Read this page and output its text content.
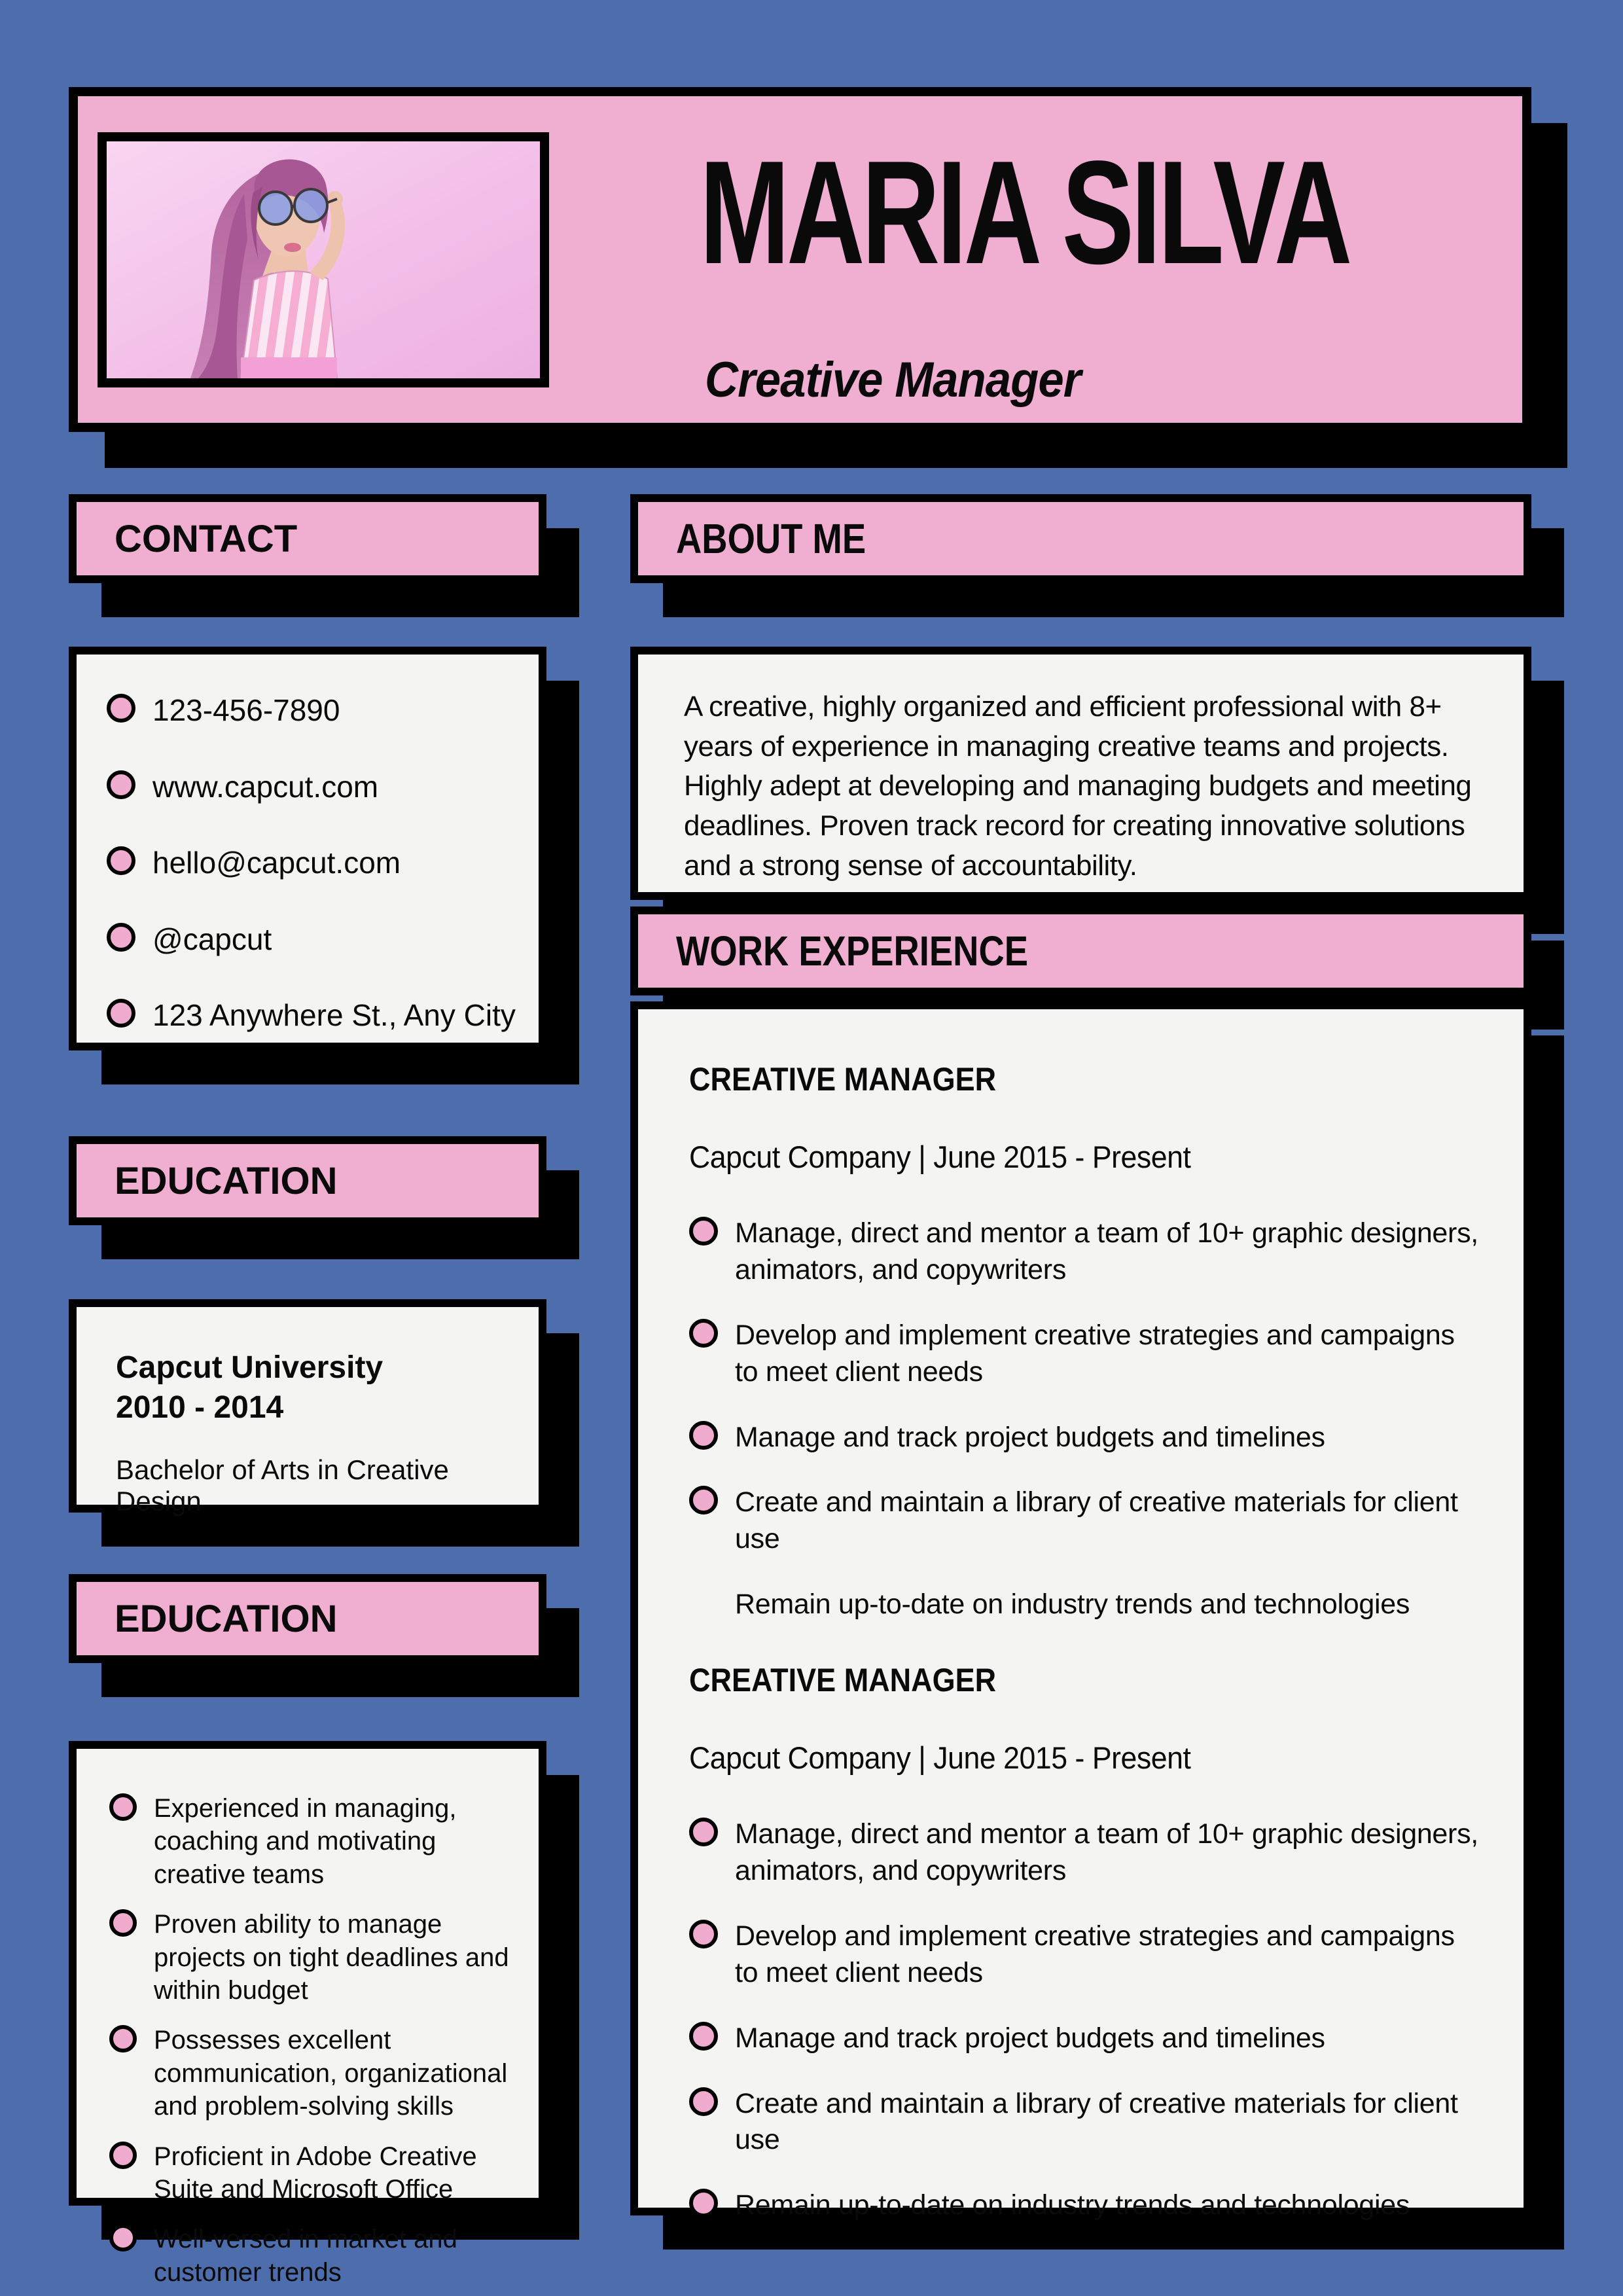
MARIA SILVA

Creative Manager

CONTACT
123-456-7890
www.capcut.com
hello@capcut.com
@capcut
123 Anywhere St., Any City
EDUCATION

Capcut University
2010 - 2014

Bachelor of Arts in Creative Design

EDUCATION
Experienced in managing, coaching and motivating creative teams
Proven ability to manage projects on tight deadlines and within budget
Possesses excellent communication, organizational and problem-solving skills
Proficient in Adobe Creative Suite and Microsoft Office
Well-versed in market and customer trends
ABOUT ME

A creative, highly organized and efficient professional with 8+ years of experience in managing creative teams and projects. Highly adept at developing and managing budgets and meeting deadlines. Proven track record for creating innovative solutions and a strong sense of accountability.

WORK EXPERIENCE
CREATIVE MANAGER

Capcut Company | June 2015 - Present

Manage, direct and mentor a team of 10+ graphic designers, animators, and copywriters
Develop and implement creative strategies and campaigns to meet client needs
Manage and track project budgets and timelines
Create and maintain a library of creative materials for client use
Remain up-to-date on industry trends and technologies
CREATIVE MANAGER

Capcut Company | June 2015 - Present

Manage, direct and mentor a team of 10+ graphic designers, animators, and copywriters
Develop and implement creative strategies and campaigns to meet client needs
Manage and track project budgets and timelines
Create and maintain a library of creative materials for client use
Remain up-to-date on industry trends and technologies
